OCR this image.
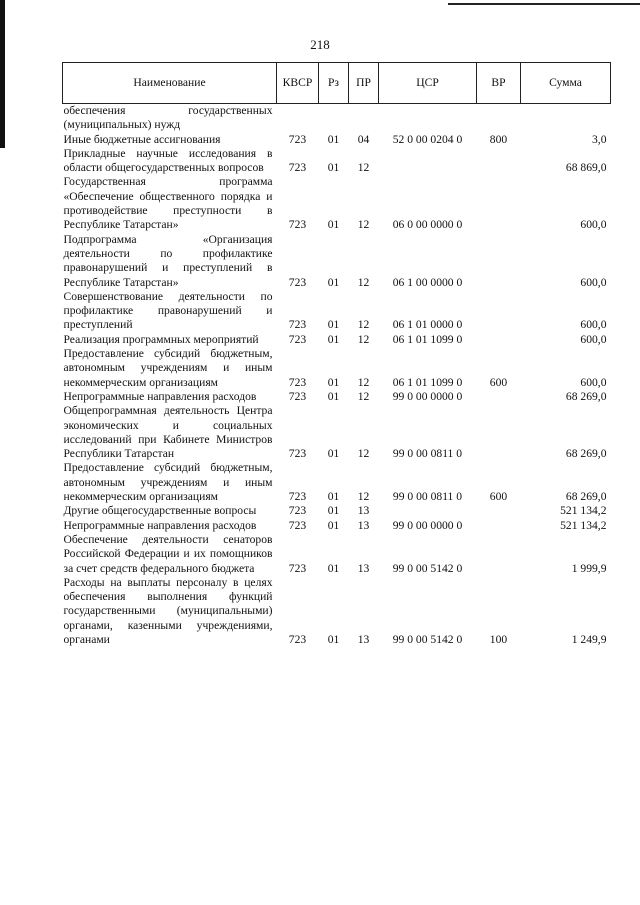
218
Наименование	КВСР	Рз	ПР	ЦСР	ВР	Сумма
обеспечения государственных (муниципальных) нужд						
Иные бюджетные ассигнования	723	01	04	52 0 00 0204 0	800	3,0
Прикладные научные исследования в области общегосударственных вопросов	723	01	12			68 869,0
Государственная программа «Обеспечение общественного порядка и противодействие преступности в Республике Татарстан»	723	01	12	06 0 00 0000 0		600,0
Подпрограмма «Организация деятельности по профилактике правонарушений и преступлений в Республике Татарстан»	723	01	12	06 1 00 0000 0		600,0
Совершенствование деятельности по профилактике правонарушений и преступлений	723	01	12	06 1 01 0000 0		600,0
Реализация программных мероприятий	723	01	12	06 1 01 1099 0		600,0
Предоставление субсидий бюджетным, автономным учреждениям и иным некоммерческим организациям	723	01	12	06 1 01 1099 0	600	600,0
Непрограммные направления расходов	723	01	12	99 0 00 0000 0		68 269,0
Общепрограммная деятельность Центра экономических и социальных исследований при Кабинете Министров Республики Татарстан	723	01	12	99 0 00 0811 0		68 269,0
Предоставление субсидий бюджетным, автономным учреждениям и иным некоммерческим организациям	723	01	12	99 0 00 0811 0	600	68 269,0
Другие общегосударственные вопросы	723	01	13			521 134,2
Непрограммные направления расходов	723	01	13	99 0 00 0000 0		521 134,2
Обеспечение деятельности сенаторов Российской Федерации и их помощников за счет средств федерального бюджета	723	01	13	99 0 00 5142 0		1 999,9
Расходы на выплаты персоналу в целях обеспечения выполнения функций государственными (муниципальными) органами, казенными учреждениями, органами	723	01	13	99 0 00 5142 0	100	1 249,9
